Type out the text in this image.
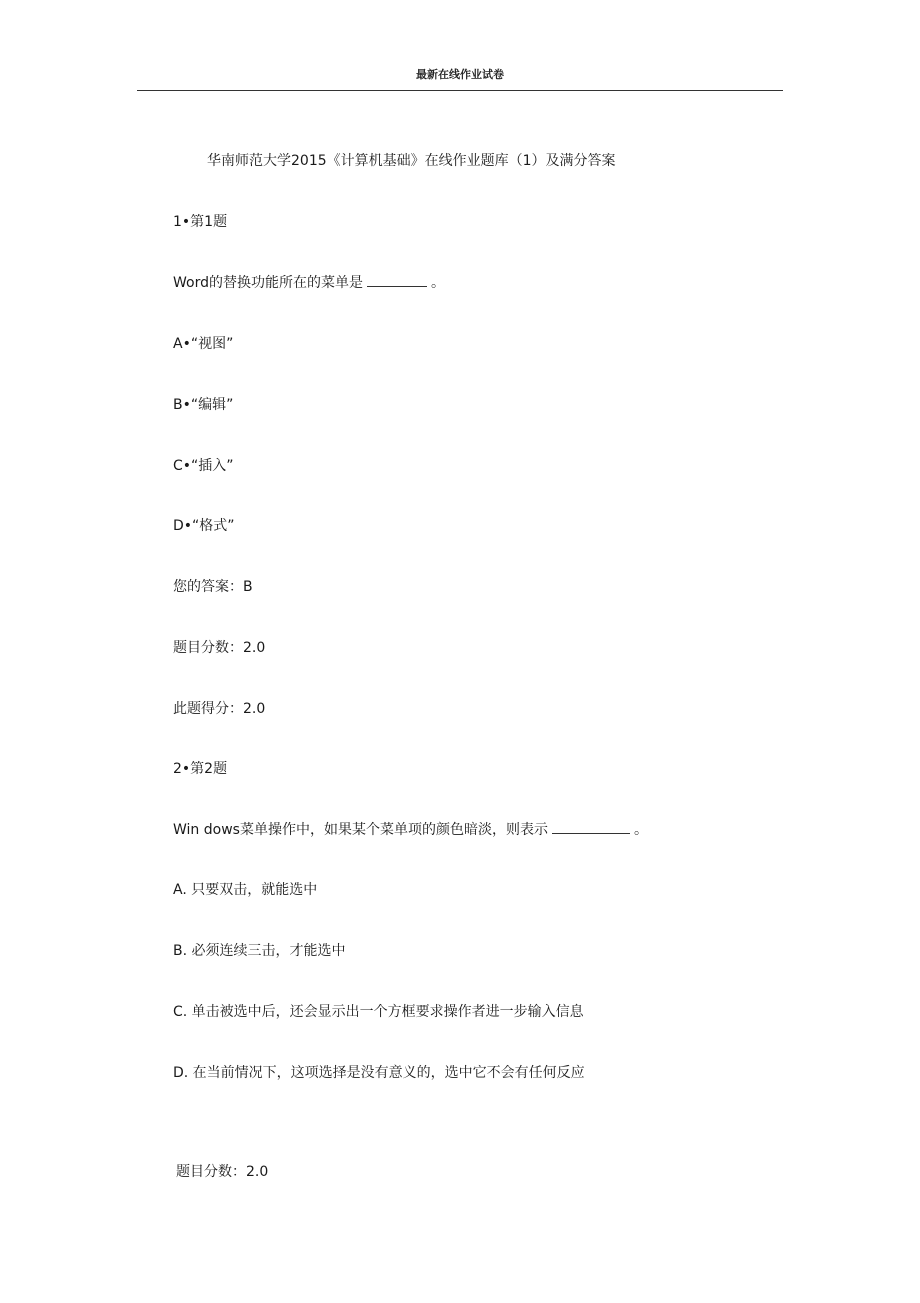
最新在线作业试卷
华南师范大学2015《计算机基础》在线作业题库（1）及满分答案
1•第1题
Word的替换功能所在的菜单是	。
A•“视图”
B•“编辑”
C•“插入”
D•“格式”
您的答案：B
题目分数：2.0
此题得分：2.0
2•第2题
Win dows菜单操作中，如果某个菜单项的颜色暗淡，则表示	。
A. 只要双击，就能选中
B. 必须连续三击，才能选中
C. 单击被选中后，还会显示出一个方框要求操作者进一步输入信息
D. 在当前情况下，这项选择是没有意义的，选中它不会有任何反应
题目分数：2.0
